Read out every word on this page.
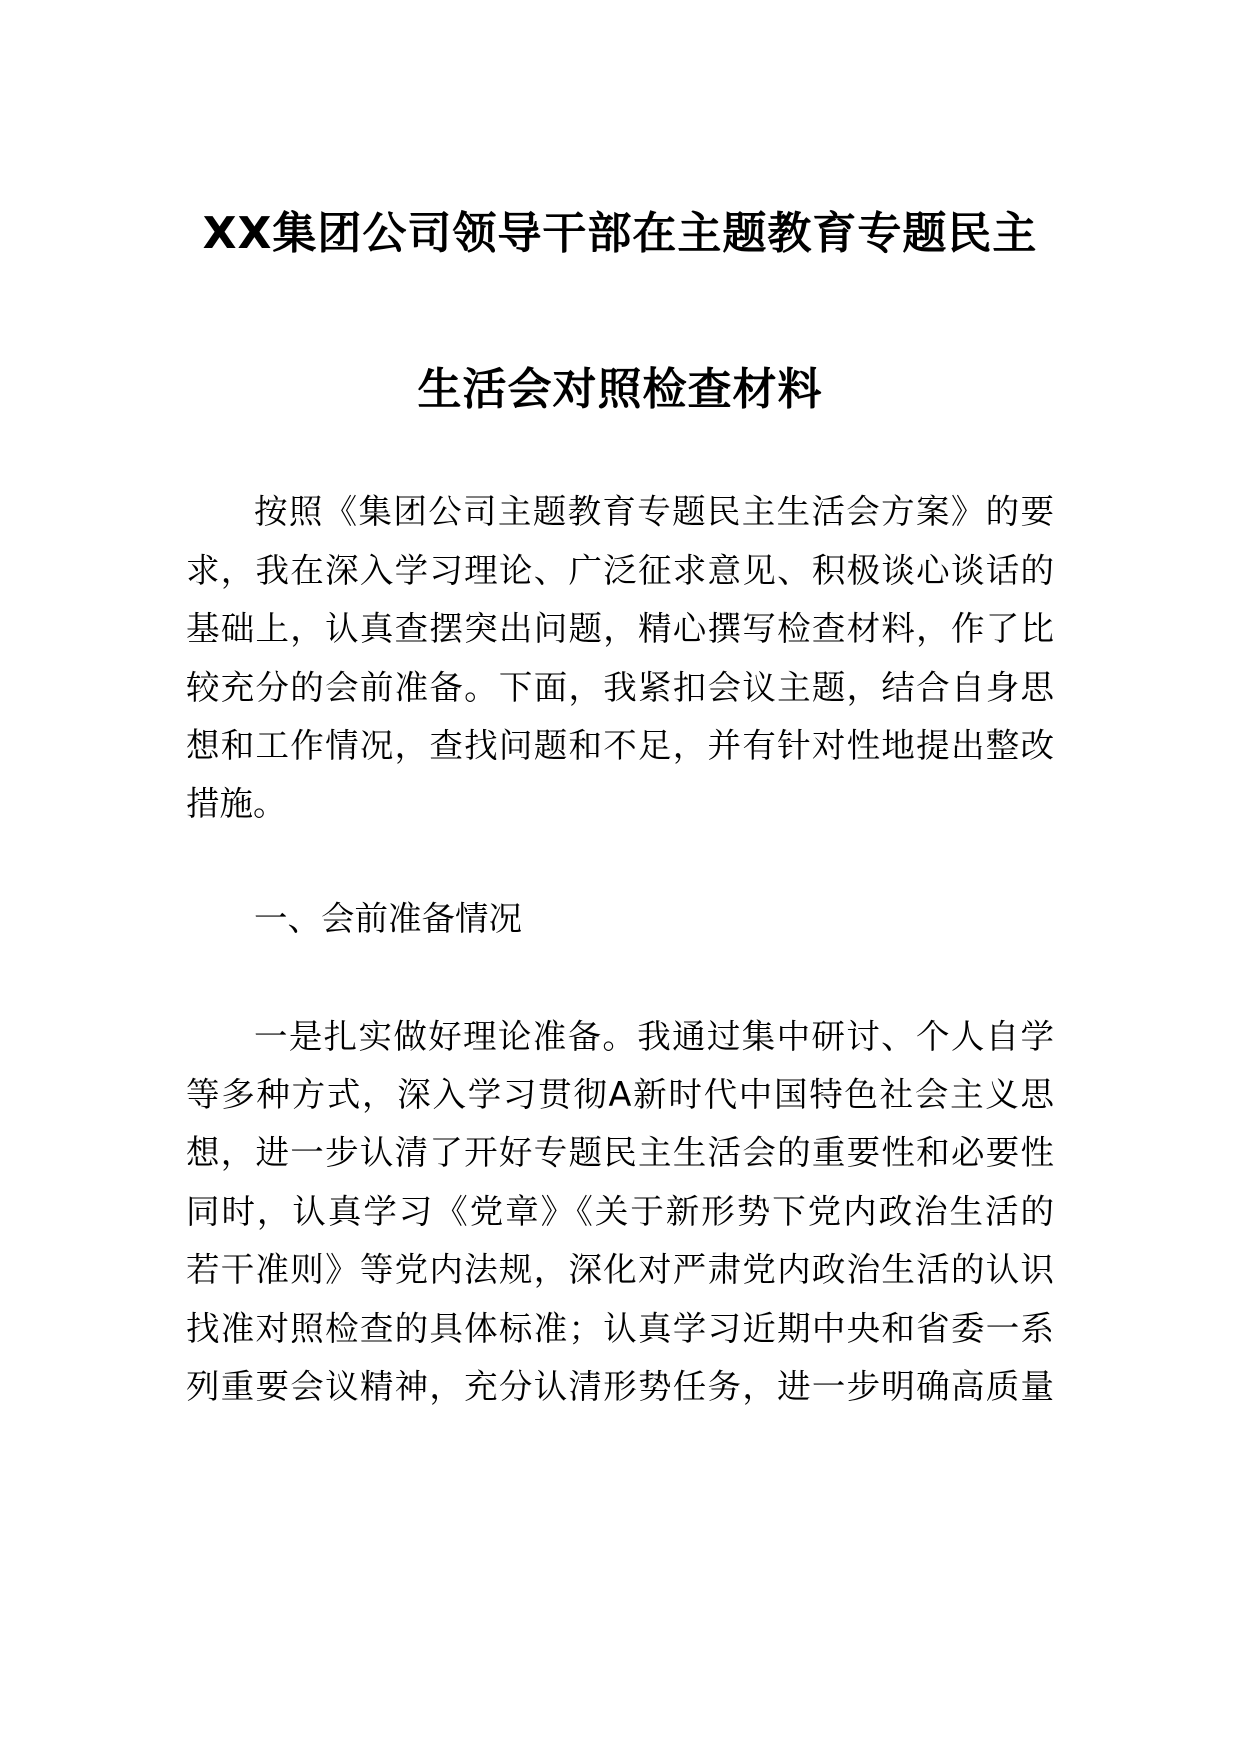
XX集团公司领导干部在主题教育专题民主
生活会对照检查材料
按照《集团公司主题教育专题民主生活会方案》的要
求，我在深入学习理论、广泛征求意见、积极谈心谈话的
基础上，认真查摆突出问题，精心撰写检查材料，作了比
较充分的会前准备。下面，我紧扣会议主题，结合自身思
想和工作情况，查找问题和不足，并有针对性地提出整改
措施。
一、会前准备情况
一是扎实做好理论准备。我通过集中研讨、个人自学
等多种方式，深入学习贯彻A新时代中国特色社会主义思
想，进一步认清了开好专题民主生活会的重要性和必要性
同时，认真学习《党章》《关于新形势下党内政治生活的
若干准则》等党内法规，深化对严肃党内政治生活的认识
找准对照检查的具体标准；认真学习近期中央和省委一系
列重要会议精神，充分认清形势任务，进一步明确高质量
